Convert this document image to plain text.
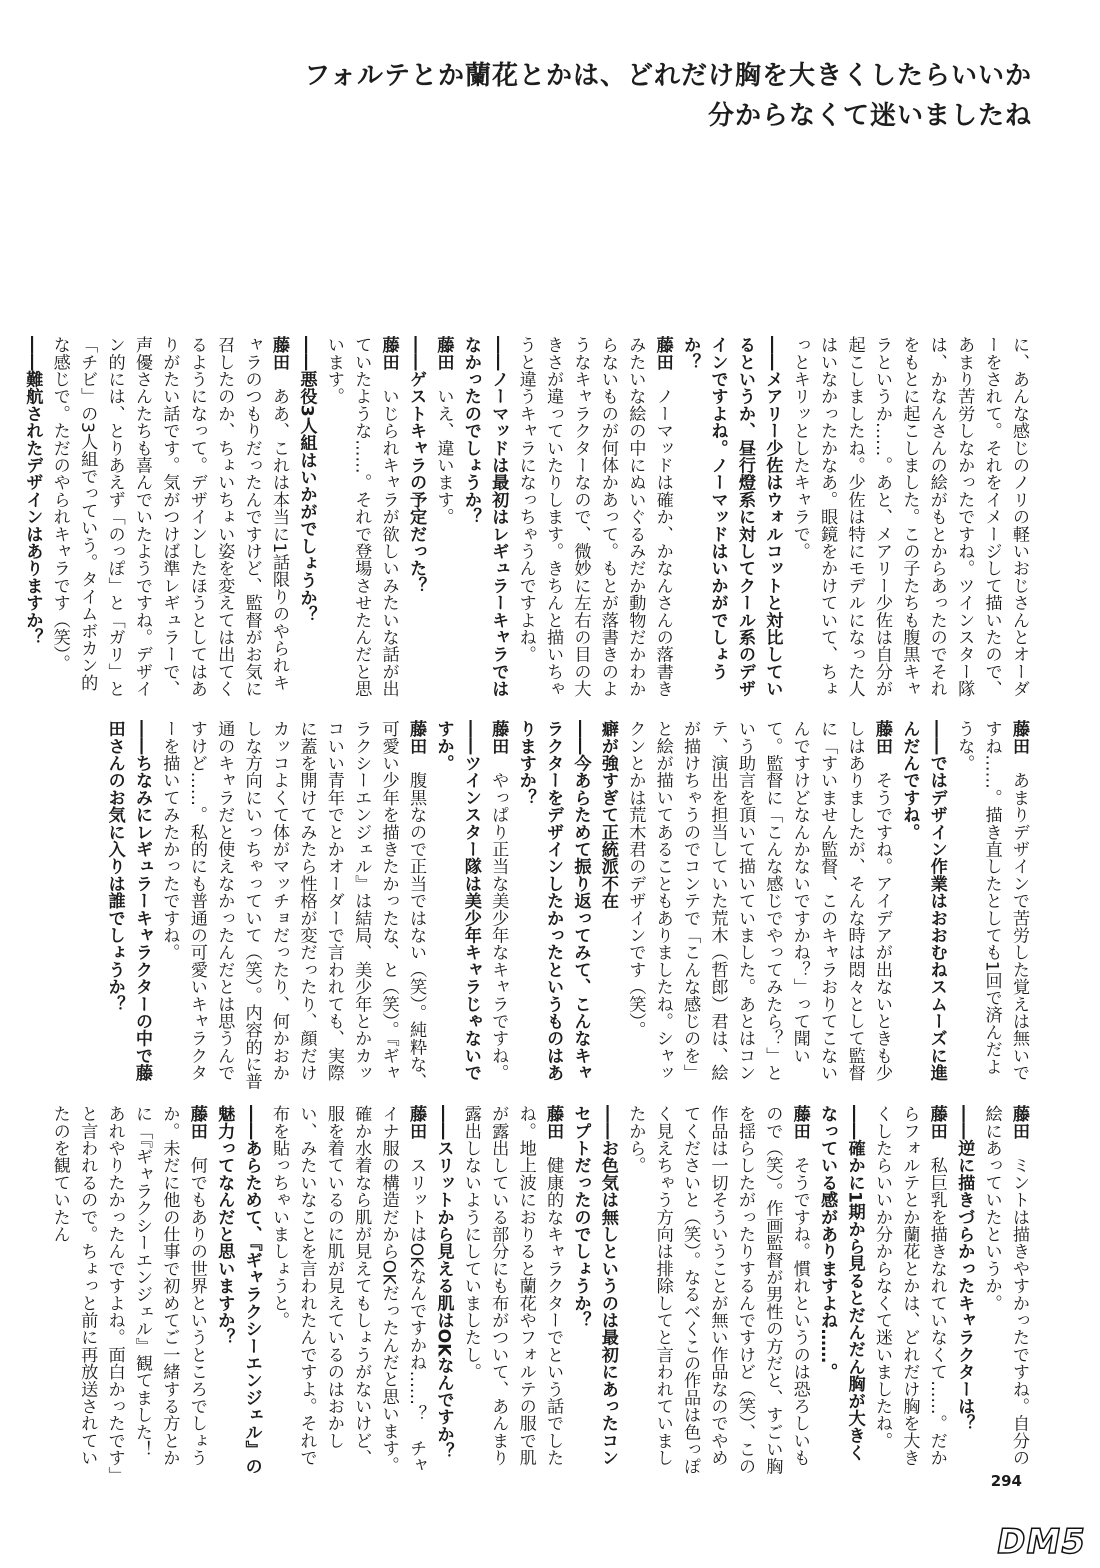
フォルテとか蘭花とかは、どれだけ胸を大きくしたらいいか
分からなくて迷いましたね

に、あんな感じのノリの軽いおじさんとオーダーをされて。それをイメージして描いたので、あまり苦労しなかったですね。ツインスター隊は、かなんさんの絵がもとからあったのでそれをもとに起こしました。この子たちも腹黒キャラというか……。あと、メアリー少佐は自分が起こしましたね。少佐は特にモデルになった人はいなかったかなあ。眼鏡をかけていて、ちょっとキリッとしたキャラで。

――メアリー少佐はウォルコットと対比しているというか、昼行燈系に対してクール系のデザインですよね。ノーマッドはいかがでしょうか？

藤田　ノーマッドは確か、かなんさんの落書きみたいな絵の中にぬいぐるみだか動物だかわからないものが何体かあって。もとが落書きのようなキャラクターなので、微妙に左右の目の大きさが違っていたりします。きちんと描いちゃうと違うキャラになっちゃうんですよね。

――ノーマッドは最初はレギュラーキャラではなかったのでしょうか？

藤田　いえ、違います。

――ゲストキャラの予定だった？

藤田　いじられキャラが欲しいみたいな話が出ていたような……。それで登場させたんだと思います。

――悪役3人組はいかがでしょうか？

藤田　ああ、これは本当に1話限りのやられキャラのつもりだったんですけど、監督がお気に召したのか、ちょいちょい姿を変えては出てくるようになって。デザインしたほうとしてはありがたい話です。気がつけば準レギュラーで、声優さんたちも喜んでいたようですね。デザイン的には、とりあえず「のっぽ」と「ガリ」と「チビ」の3人組でっていう。タイムボカン的な感じで。ただのやられキャラです（笑）。

――難航されたデザインはありますか？

藤田　あまりデザインで苦労した覚えは無いですね……。描き直したとしても1回で済んだような。

――ではデザイン作業はおおむねスムーズに進んだんですね。

藤田　そうですね。アイデアが出ないときも少しはありましたが、そんな時は悶々として監督に「すいません監督、このキャラおりてこないんですけどなんかないですかね？」って聞いて。監督に「こんな感じでやってみたら？」という助言を頂いて描いていました。あとはコンテ、演出を担当していた荒木（哲郎）君は、絵が描けちゃうのでコンテで「こんな感じのを」と絵が描いてあることもありましたね。シャックンとかは荒木君のデザインです（笑）。

癖が強すぎて正統派不在

――今あらためて振り返ってみて、こんなキャラクターをデザインしたかったというものはありますか？

藤田　やっぱり正当な美少年なキャラですね。

――ツインスター隊は美少年キャラじゃないですか。

藤田　腹黒なので正当ではない（笑）。純粋な、可愛い少年を描きたかったな、と（笑）。『ギャラクシーエンジェル』は結局、美少年とかカッコいい青年でとかオーダーで言われても、実際に蓋を開けてみたら性格が変だったり、顔だけカッコよくて体がマッチョだったり、何かおかしな方向にいっちゃっていて（笑）。内容的に普通のキャラだと使えなかったんだとは思うんですけど……。私的にも普通の可愛いキャラクターを描いてみたかったですね。

――ちなみにレギュラーキャラクターの中で藤田さんのお気に入りは誰でしょうか？

藤田　ミントは描きやすかったですね。自分の絵にあっていたというか。

――逆に描きづらかったキャラクターは？

藤田　私巨乳を描きなれていなくて……。だからフォルテとか蘭花とかは、どれだけ胸を大きくしたらいいか分からなくて迷いましたね。

――確かに1期から見るとだんだん胸が大きくなっている感がありますよね……。

藤田　そうですね。慣れというのは恐ろしいもので（笑）。作画監督が男性の方だと、すごい胸を揺らしたがったりするんですけど（笑）、この作品は一切そういうことが無い作品なのでやめてくださいと（笑）。なるべくこの作品は色っぽく見えちゃう方向は排除してと言われていましたから。

――お色気は無しというのは最初にあったコンセプトだったのでしょうか？

藤田　健康的なキャラクターでという話でしたね。地上波におりると蘭花やフォルテの服で肌が露出している部分にも布がついて、あんまり露出しないようにしていましたし。

――スリットから見える肌はOKなんですか？

藤田　スリットはOKなんですかね……？　チャイナ服の構造だからOKだったんだと思います。確か水着なら肌が見えてもしょうがないけど、服を着ているのに肌が見えているのはおかしい、みたいなことを言われたんですよ。それで布を貼っちゃいましょうと。

――あらためて、『ギャラクシーエンジェル』の魅力ってなんだと思いますか？

藤田　何でもありの世界というところでしょうか。未だに他の仕事で初めてご一緒する方とかに「『ギャラクシーエンジェル』観てました！　あれやりたかったんですよね。面白かったです」と言われるので。ちょっと前に再放送されていたのを観ていたん

294
DM5
